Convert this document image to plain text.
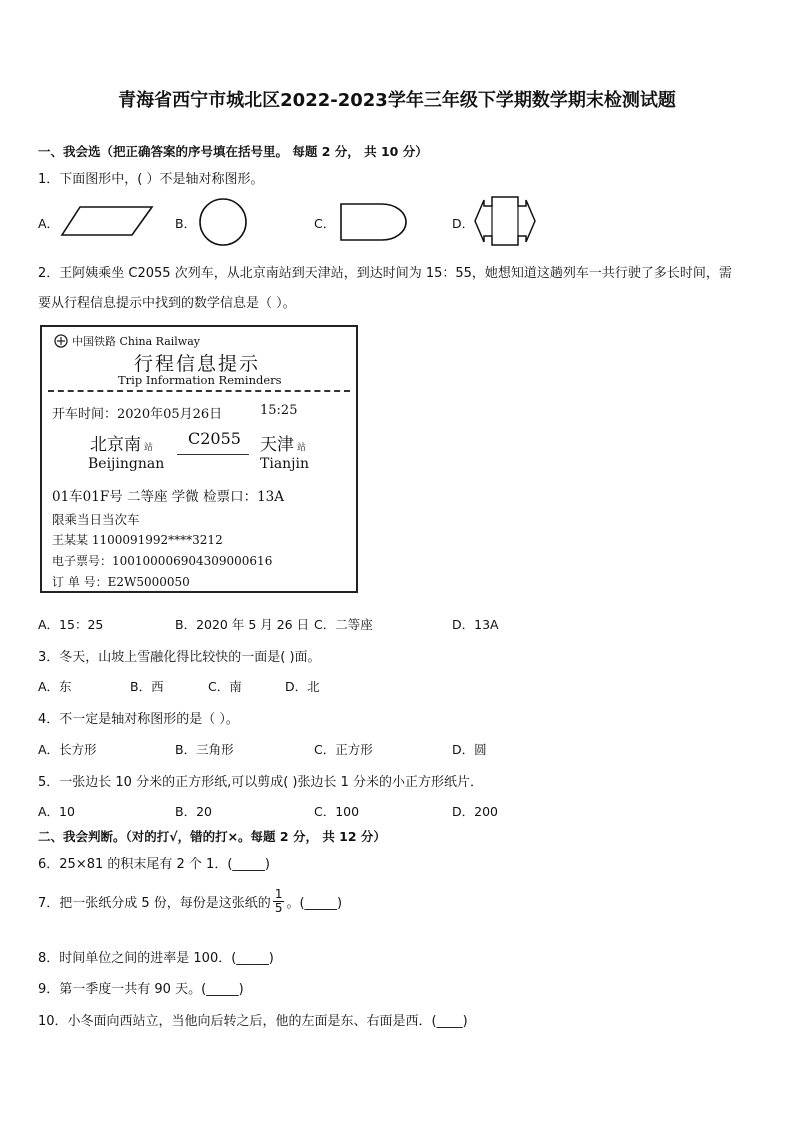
青海省西宁市城北区2022-2023学年三年级下学期数学期末检测试题
一、我会选（把正确答案的序号填在括号里。 每题 2 分， 共 10 分）
1．下面图形中，( ）不是轴对称图形。
A．	B．	C．	D．
2．王阿姨乘坐 C2055 次列车，从北京南站到天津站，到达时间为 15：55，她想知道这趟列车一共行驶了多长时间，需
要从行程信息提示中找到的数学信息是（ ）。
中国铁路 China Railway
行程信息提示
Trip Information Reminders
开车时间：2020年05月26日	15:25
北京南 站
Beijingnan
C2055 天津 站
Tianjin
01车01F号 二等座 学微 检票口：13A
限乘当日当次车
王某某 1100091992****3212
电子票号：10010000690430900061​6
订 单 号：E2W5000050
A．15：25	B．2020 年 5 月 26 日 C．二等座	D．13A
3．冬天，山坡上雪融化得比较快的一面是( )面。
A．东	B．西	C．南	D．北
4．不一定是轴对称图形的是（ ）。
A．长方形	B．三角形	C．正方形	D．圆
5．一张边长 10 分米的正方形纸,可以剪成( )张边长 1 分米的小正方形纸片．
A．10	B．20	C．100	D．200
二、我会判断。（对的打√，错的打×。每题 2 分， 共 12 分）
6．25×81 的积末尾有 2 个 1．(_____)
7．把一张纸分成 5 份，每份是这张纸的 $\frac{1}{5}$ 。(_____)
8．时间单位之间的进率是 100．(_____)
9．第一季度一共有 90 天。(_____)
10．小冬面向西站立，当他向后转之后，他的左面是东、右面是西．(____)
